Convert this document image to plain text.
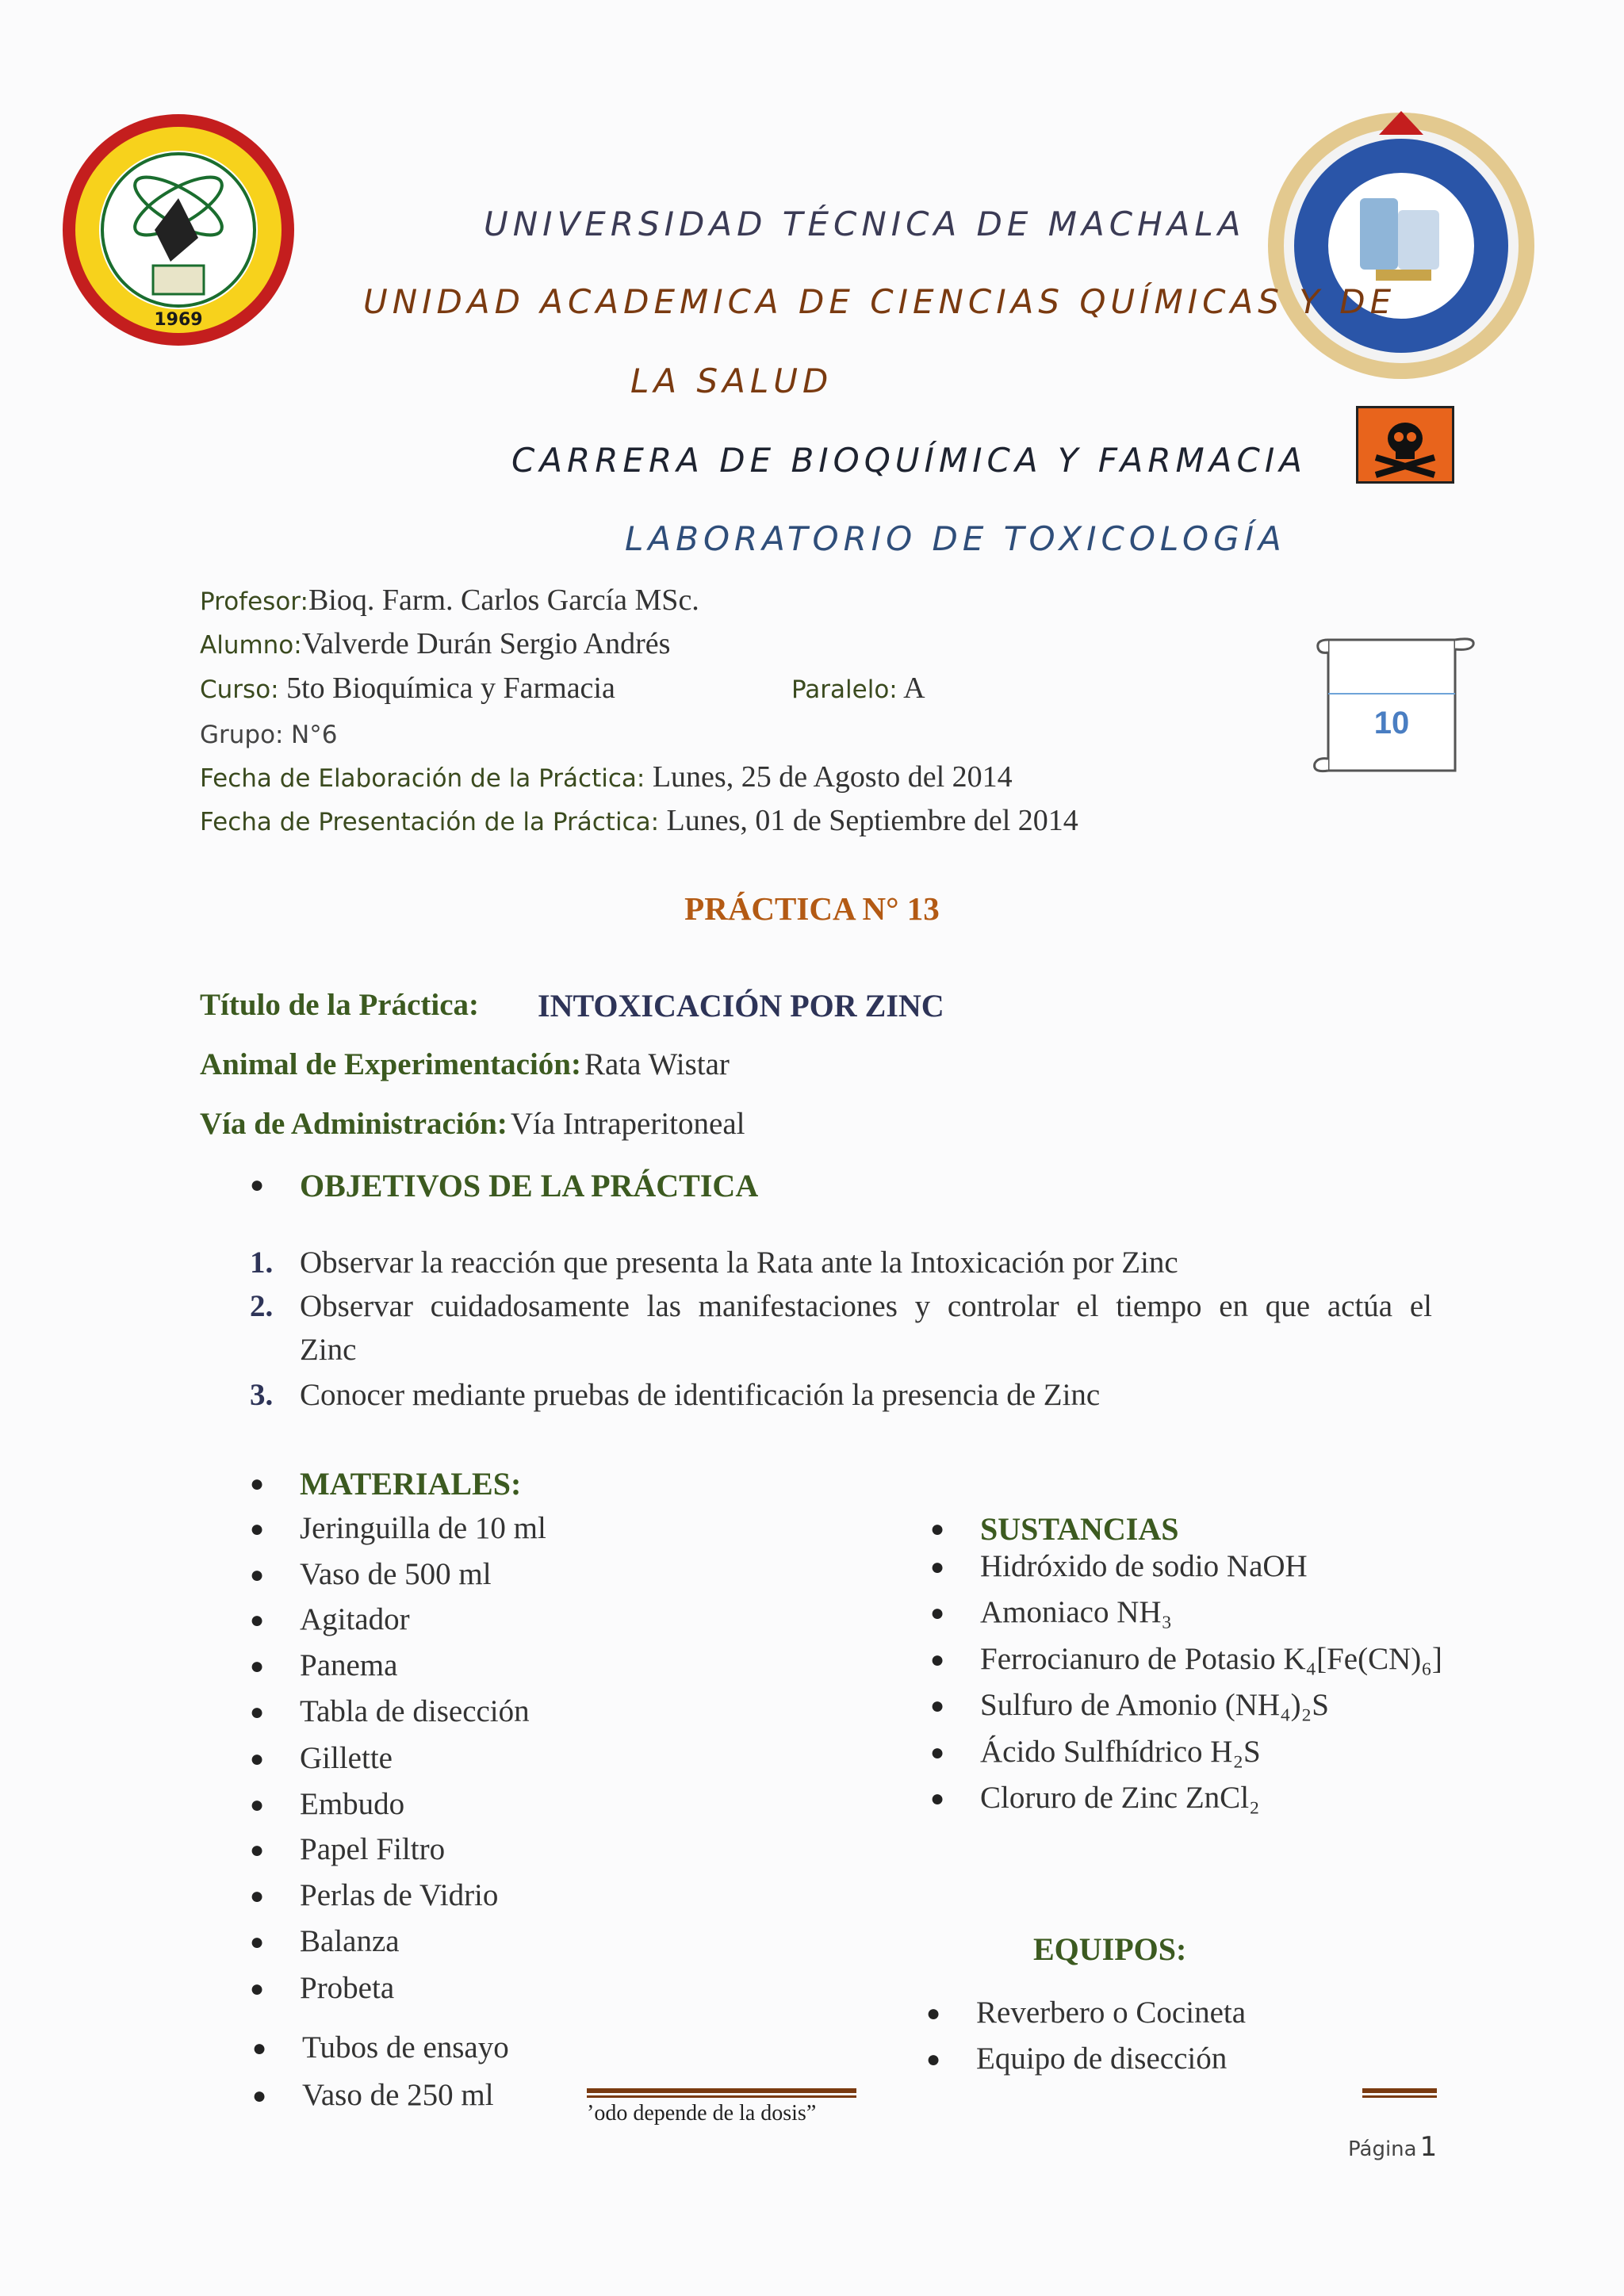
1969
UNIVERSIDAD TÉCNICA DE MACHALA
UNIDAD ACADEMICA DE CIENCIAS QUÍMICAS Y DE
LA SALUD
CARRERA DE BIOQUÍMICA Y FARMACIA
LABORATORIO DE TOXICOLOGÍA
10
Profesor:Bioq. Farm. Carlos García MSc.
Alumno:Valverde Durán Sergio Andrés
Curso: 5to Bioquímica y Farmacia	Paralelo: A
Grupo: N°6
Fecha de Elaboración de la Práctica: Lunes, 25 de Agosto del 2014
Fecha de Presentación de la Práctica: Lunes, 01 de Septiembre del 2014
PRÁCTICA N° 13
Título de la Práctica: INTOXICACIÓN POR ZINC
Animal de Experimentación: Rata Wistar
Vía de Administración: Vía Intraperitoneal
● OBJETIVOS DE LA PRÁCTICA
1. Observar la reacción que presenta la Rata ante la Intoxicación por Zinc
2. Observar cuidadosamente las manifestaciones y controlar el tiempo en que actúa el
Zinc
3. Conocer mediante pruebas de identificación la presencia de Zinc
● MATERIALES:
● Jeringuilla de 10 ml
● Vaso de 500 ml
● Agitador
● Panema
● Tabla de disección
● Gillette
● Embudo
● Papel Filtro
● Perlas de Vidrio
● Balanza
● Probeta
● Tubos de ensayo
● Vaso de 250 ml
● SUSTANCIAS
● Hidróxido de sodio NaOH
● Amoniaco NH₃
● Ferrocianuro de Potasio K₄[Fe(CN)₆]
● Sulfuro de Amonio (NH₄)₂S
● Ácido Sulfhídrico H₂S
● Cloruro de Zinc ZnCl₂
EQUIPOS:
● Reverbero o Cocineta
● Equipo de disección
’odo depende de la dosis”
Página 1
